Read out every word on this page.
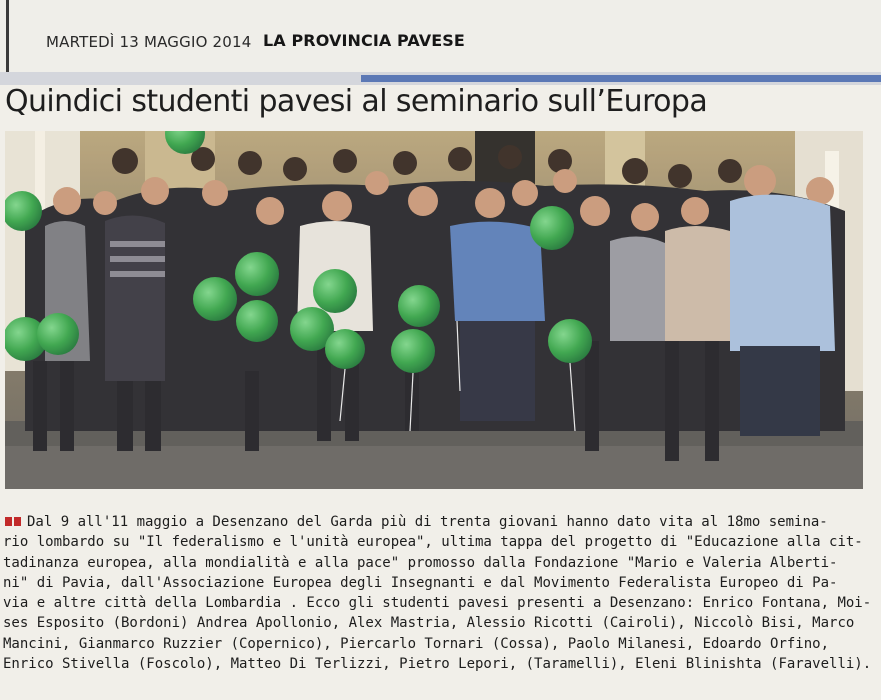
MARTEDÌ 13 MAGGIO 2014 LA PROVINCIA PAVESE
Quindici studenti pavesi al seminario sull’Europa
Dal 9 all'11 maggio a Desenzano del Garda più di trenta giovani hanno dato vita al 18mo semina-
rio lombardo su "Il federalismo e l'unità europea", ultima tappa del progetto di "Educazione alla cit-
tadinanza europea, alla mondialità e alla pace" promosso dalla Fondazione "Mario e Valeria Alberti-
ni" di Pavia, dall'Associazione Europea degli Insegnanti e dal Movimento Federalista Europeo di Pa-
via e altre città della Lombardia . Ecco gli studenti pavesi presenti a Desenzano: Enrico Fontana, Moi-
ses Esposito (Bordoni) Andrea Apollonio, Alex Mastria, Alessio Ricotti (Cairoli), Niccolò Bisi, Marco
Mancini, Gianmarco Ruzzier (Copernico), Piercarlo Tornari (Cossa), Paolo Milanesi, Edoardo Orfino,
Enrico Stivella (Foscolo), Matteo Di Terlizzi, Pietro Lepori, (Taramelli), Eleni Blinishta (Faravelli).
